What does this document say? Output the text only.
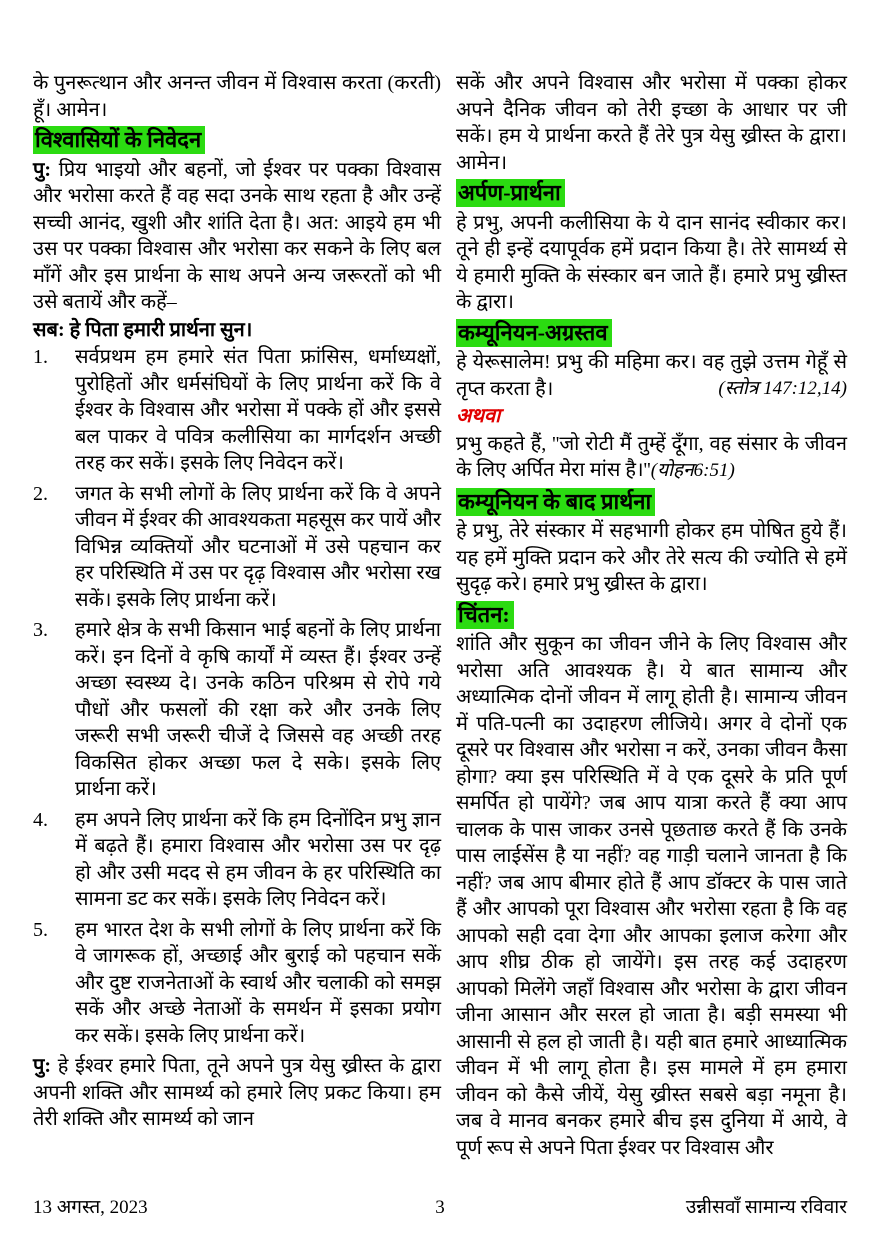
के पुनरूत्थान और अनन्त जीवन में विश्वास करता (करती) हूँ। आमेन।

विश्वासियों के निवेदन

पु: प्रिय भाइयो और बहनों, जो ईश्वर पर पक्का विश्वास और भरोसा करते हैं वह सदा उनके साथ रहता है और उन्हें सच्ची आनंद, खुशी और शांति देता है। अत: आइये हम भी उस पर पक्का विश्वास और भरोसा कर सकने के लिए बल माँगें और इस प्रार्थना के साथ अपने अन्य जरूरतों को भी उसे बतायें और कहें–

सब: हे पिता हमारी प्रार्थना सुन।

1.	सर्वप्रथम हम हमारे संत पिता फ्रांसिस, धर्माध्यक्षों, पुरोहितों और धर्मसंघियों के लिए प्रार्थना करें कि वे ईश्वर के विश्वास और भरोसा में पक्के हों और इससे बल पाकर वे पवित्र कलीसिया का मार्गदर्शन अच्छी तरह कर सकें। इसके लिए निवेदन करें।
2.	जगत के सभी लोगों के लिए प्रार्थना करें कि वे अपने जीवन में ईश्वर की आवश्यकता महसूस कर पायें और विभिन्न व्यक्तियों और घटनाओं में उसे पहचान कर हर परिस्थिति में उस पर दृढ़ विश्वास और भरोसा रख सकें। इसके लिए प्रार्थना करें।
3.	हमारे क्षेत्र के सभी किसान भाई बहनों के लिए प्रार्थना करें। इन दिनों वे कृषि कार्यों में व्यस्त हैं। ईश्वर उन्हें अच्छा स्वस्थ्य दे। उनके कठिन परिश्रम से रोपे गये पौधों और फसलों की रक्षा करे और उनके लिए जरूरी सभी जरूरी चीजें दे जिससे वह अच्छी तरह विकसित होकर अच्छा फल दे सके। इसके लिए प्रार्थना करें।
4.	हम अपने लिए प्रार्थना करें कि हम दिनोंदिन प्रभु ज्ञान में बढ़ते हैं। हमारा विश्वास और भरोसा उस पर दृढ़ हो और उसी मदद से हम जीवन के हर परिस्थिति का सामना डट कर सकें। इसके लिए निवेदन करें।
5.	हम भारत देश के सभी लोगों के लिए प्रार्थना करें कि वे जागरूक हों, अच्छाई और बुराई को पहचान सकें और दुष्ट राजनेताओं के स्वार्थ और चलाकी को समझ सकें और अच्छे नेताओं के समर्थन में इसका प्रयोग कर सकें। इसके लिए प्रार्थना करें।

पु: हे ईश्वर हमारे पिता, तूने अपने पुत्र येसु ख्रीस्त के द्वारा अपनी शक्ति और सामर्थ्य को हमारे लिए प्रकट किया। हम तेरी शक्ति और सामर्थ्य को जान

सकें और अपने विश्वास और भरोसा में पक्का होकर अपने दैनिक जीवन को तेरी इच्छा के आधार पर जी सकें। हम ये प्रार्थना करते हैं तेरे पुत्र येसु ख्रीस्त के द्वारा। आमेन।

अर्पण-प्रार्थना

हे प्रभु, अपनी कलीसिया के ये दान सानंद स्वीकार कर। तूने ही इन्हें दयापूर्वक हमें प्रदान किया है। तेरे सामर्थ्य से ये हमारी मुक्ति के संस्कार बन जाते हैं। हमारे प्रभु ख्रीस्त के द्वारा।

कम्यूनियन-अग्रस्तव

हे येरूसालेम! प्रभु की महिमा कर। वह तुझे उत्तम गेहूँ से तृप्त करता है।	(स्तोत्र 147:12,14)

अथवा

प्रभु कहते हैं, ''जो रोटी मैं तुम्हें दूँगा, वह संसार के जीवन के लिए अर्पित मेरा मांस है।''(योहन6:51)

कम्यूनियन के बाद प्रार्थना

हे प्रभु, तेरे संस्कार में सहभागी होकर हम पोषित हुये हैं। यह हमें मुक्ति प्रदान करे और तेरे सत्य की ज्योति से हमें सुदृढ़ करे। हमारे प्रभु ख्रीस्त के द्वारा।

चिंतन:

शांति और सुकून का जीवन जीने के लिए विश्वास और भरोसा अति आवश्यक है। ये बात सामान्य और अध्यात्मिक दोनों जीवन में लागू होती है। सामान्य जीवन में पति-पत्नी का उदाहरण लीजिये। अगर वे दोनों एक दूसरे पर विश्वास और भरोसा न करें, उनका जीवन कैसा होगा? क्या इस परिस्थिति में वे एक दूसरे के प्रति पूर्ण समर्पित हो पायेंगे? जब आप यात्रा करते हैं क्या आप चालक के पास जाकर उनसे पूछताछ करते हैं कि उनके पास लाईसेंस है या नहीं? वह गाड़ी चलाने जानता है कि नहीं? जब आप बीमार होते हैं आप डॉक्टर के पास जाते हैं और आपको पूरा विश्वास और भरोसा रहता है कि वह आपको सही दवा देगा और आपका इलाज करेगा और आप शीघ्र ठीक हो जायेंगे। इस तरह कई उदाहरण आपको मिलेंगे जहाँ विश्वास और भरोसा के द्वारा जीवन जीना आसान और सरल हो जाता है। बड़ी समस्या भी आसानी से हल हो जाती है। यही बात हमारे आध्यात्मिक जीवन में भी लागू होता है। इस मामले में हम हमारा जीवन को कैसे जीयें, येसु ख्रीस्त सबसे बड़ा नमूना है। जब वे मानव बनकर हमारे बीच इस दुनिया में आये, वे पूर्ण रूप से अपने पिता ईश्वर पर विश्वास और

13 अगस्त, 2023	3	उन्नीसवाँ सामान्य रविवार
